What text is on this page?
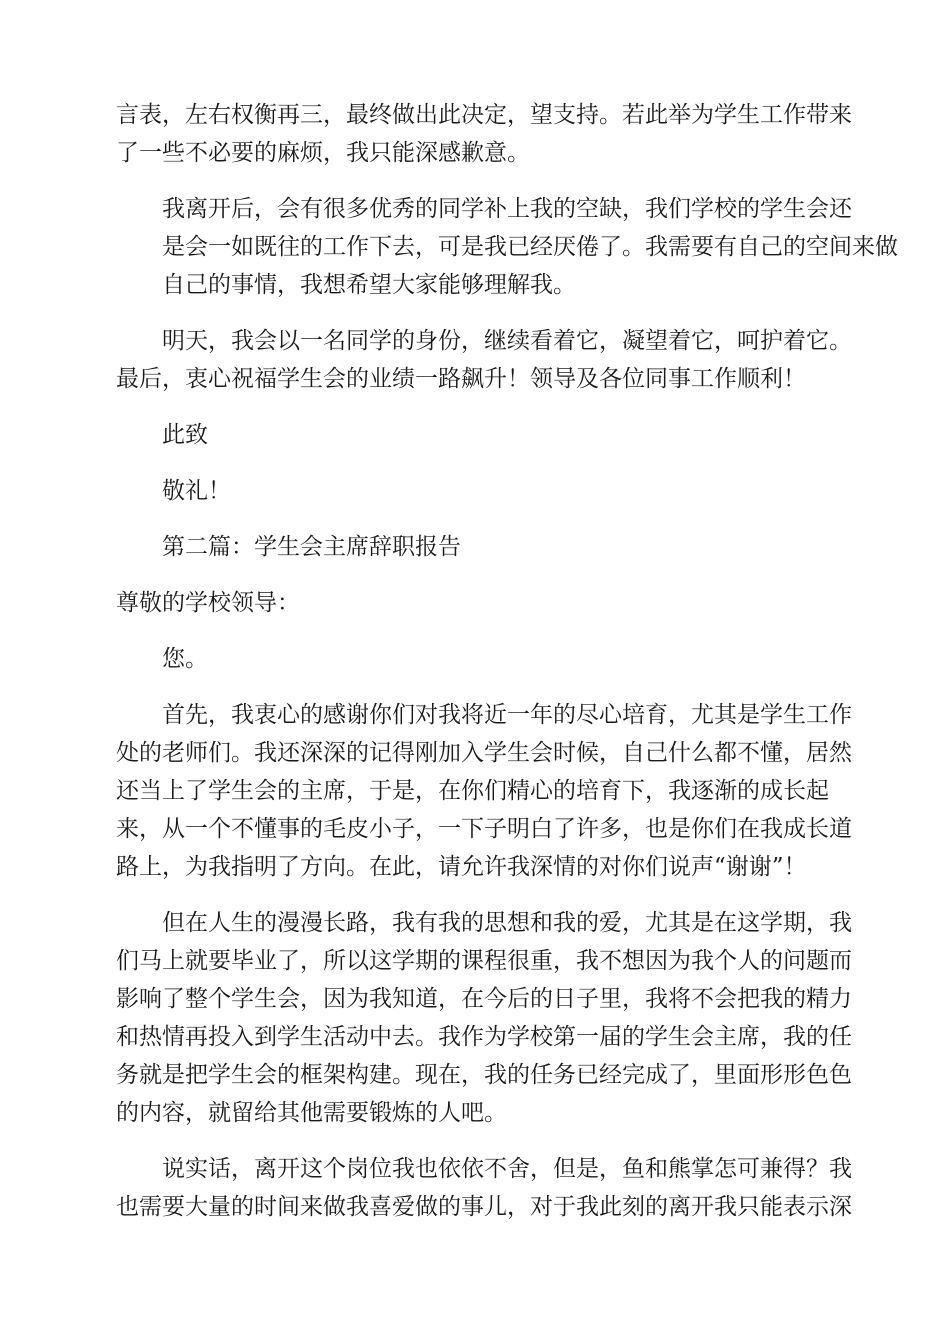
言表，左右权衡再三，最终做出此决定，望支持。若此举为学生工作带来
了一些不必要的麻烦，我只能深感歉意。

我离开后，会有很多优秀的同学补上我的空缺，我们学校的学生会还
是会一如既往的工作下去，可是我已经厌倦了。我需要有自己的空间来做
自己的事情，我想希望大家能够理解我。

明天，我会以一名同学的身份，继续看着它，凝望着它，呵护着它。
最后，衷心祝福学生会的业绩一路飙升！领导及各位同事工作顺利！

此致

敬礼！

第二篇：学生会主席辞职报告

尊敬的学校领导：

您。

首先，我衷心的感谢你们对我将近一年的尽心培育，尤其是学生工作
处的老师们。我还深深的记得刚加入学生会时候，自己什么都不懂，居然
还当上了学生会的主席，于是，在你们精心的培育下，我逐渐的成长起
来，从一个不懂事的毛皮小子，一下子明白了许多，也是你们在我成长道
路上，为我指明了方向。在此，请允许我深情的对你们说声“谢谢”！

但在人生的漫漫长路，我有我的思想和我的爱，尤其是在这学期，我
们马上就要毕业了，所以这学期的课程很重，我不想因为我个人的问题而
影响了整个学生会，因为我知道，在今后的日子里，我将不会把我的精力
和热情再投入到学生活动中去。我作为学校第一届的学生会主席，我的任
务就是把学生会的框架构建。现在，我的任务已经完成了，里面形形色色
的内容，就留给其他需要锻炼的人吧。

说实话，离开这个岗位我也依依不舍，但是，鱼和熊掌怎可兼得？我
也需要大量的时间来做我喜爱做的事儿，对于我此刻的离开我只能表示深
